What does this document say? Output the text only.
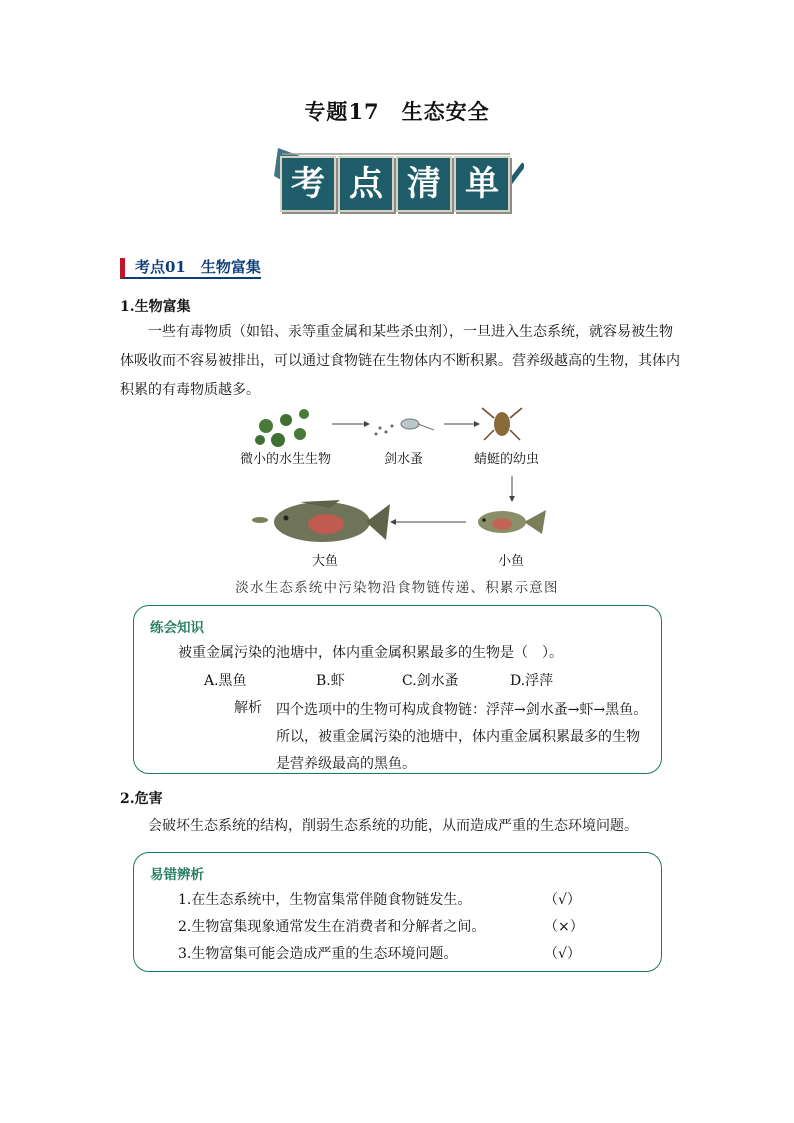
专题17　生态安全
考 点 清 单
考点01　生物富集
1.生物富集
一些有毒物质（如铅、汞等重金属和某些杀虫剂），一旦进入生态系统，就容易被生物
体吸收而不容易被排出，可以通过食物链在生物体内不断积累。营养级越高的生物，其体内
积累的有毒物质越多。
微小的水生生物	剑水蚤	蜻蜓的幼虫
小鱼
大鱼
淡水生态系统中污染物沿食物链传递、积累示意图
练会知识
被重金属污染的池塘中，体内重金属积累最多的生物是（　）。
A.黑鱼	B.虾	C.剑水蚤	D.浮萍
解析 四个选项中的生物可构成食物链：浮萍→剑水蚤→虾→黑鱼。
所以，被重金属污染的池塘中，体内重金属积累最多的生物
是营养级最高的黑鱼。
2.危害
会破坏生态系统的结构，削弱生态系统的功能，从而造成严重的生态环境问题。
易错辨析
1.在生态系统中，生物富集常伴随食物链发生。	（√）
2.生物富集现象通常发生在消费者和分解者之间。	（×）
3.生物富集可能会造成严重的生态环境问题。	（√）
